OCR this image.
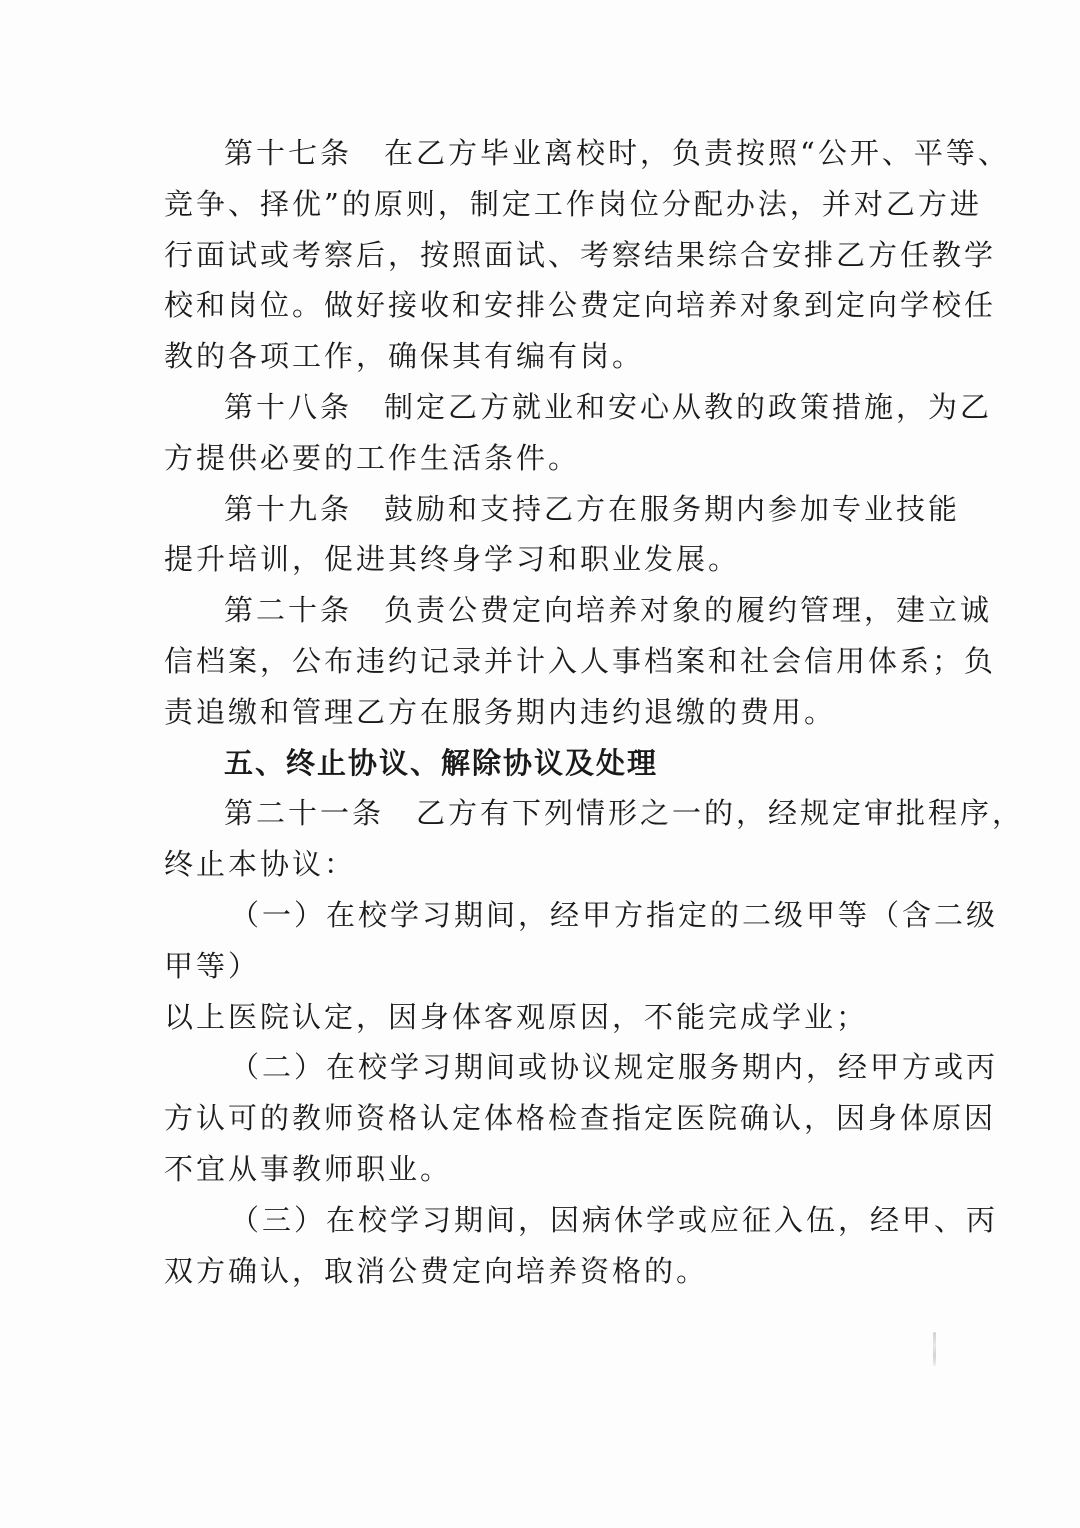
第十七条　在乙方毕业离校时，负责按照“公开、平等、
竞争、择优”的原则，制定工作岗位分配办法，并对乙方进
行面试或考察后，按照面试、考察结果综合安排乙方任教学
校和岗位。做好接收和安排公费定向培养对象到定向学校任
教的各项工作，确保其有编有岗。
第十八条　制定乙方就业和安心从教的政策措施，为乙
方提供必要的工作生活条件。
第十九条　鼓励和支持乙方在服务期内参加专业技能
提升培训，促进其终身学习和职业发展。
第二十条　负责公费定向培养对象的履约管理，建立诚
信档案，公布违约记录并计入人事档案和社会信用体系；负
责追缴和管理乙方在服务期内违约退缴的费用。
五、终止协议、解除协议及处理
第二十一条　乙方有下列情形之一的，经规定审批程序，
终止本协议：
（一）在校学习期间，经甲方指定的二级甲等（含二级
甲等）
以上医院认定，因身体客观原因，不能完成学业；
（二）在校学习期间或协议规定服务期内，经甲方或丙
方认可的教师资格认定体格检查指定医院确认，因身体原因
不宜从事教师职业。
（三）在校学习期间，因病休学或应征入伍，经甲、丙
双方确认，取消公费定向培养资格的。
